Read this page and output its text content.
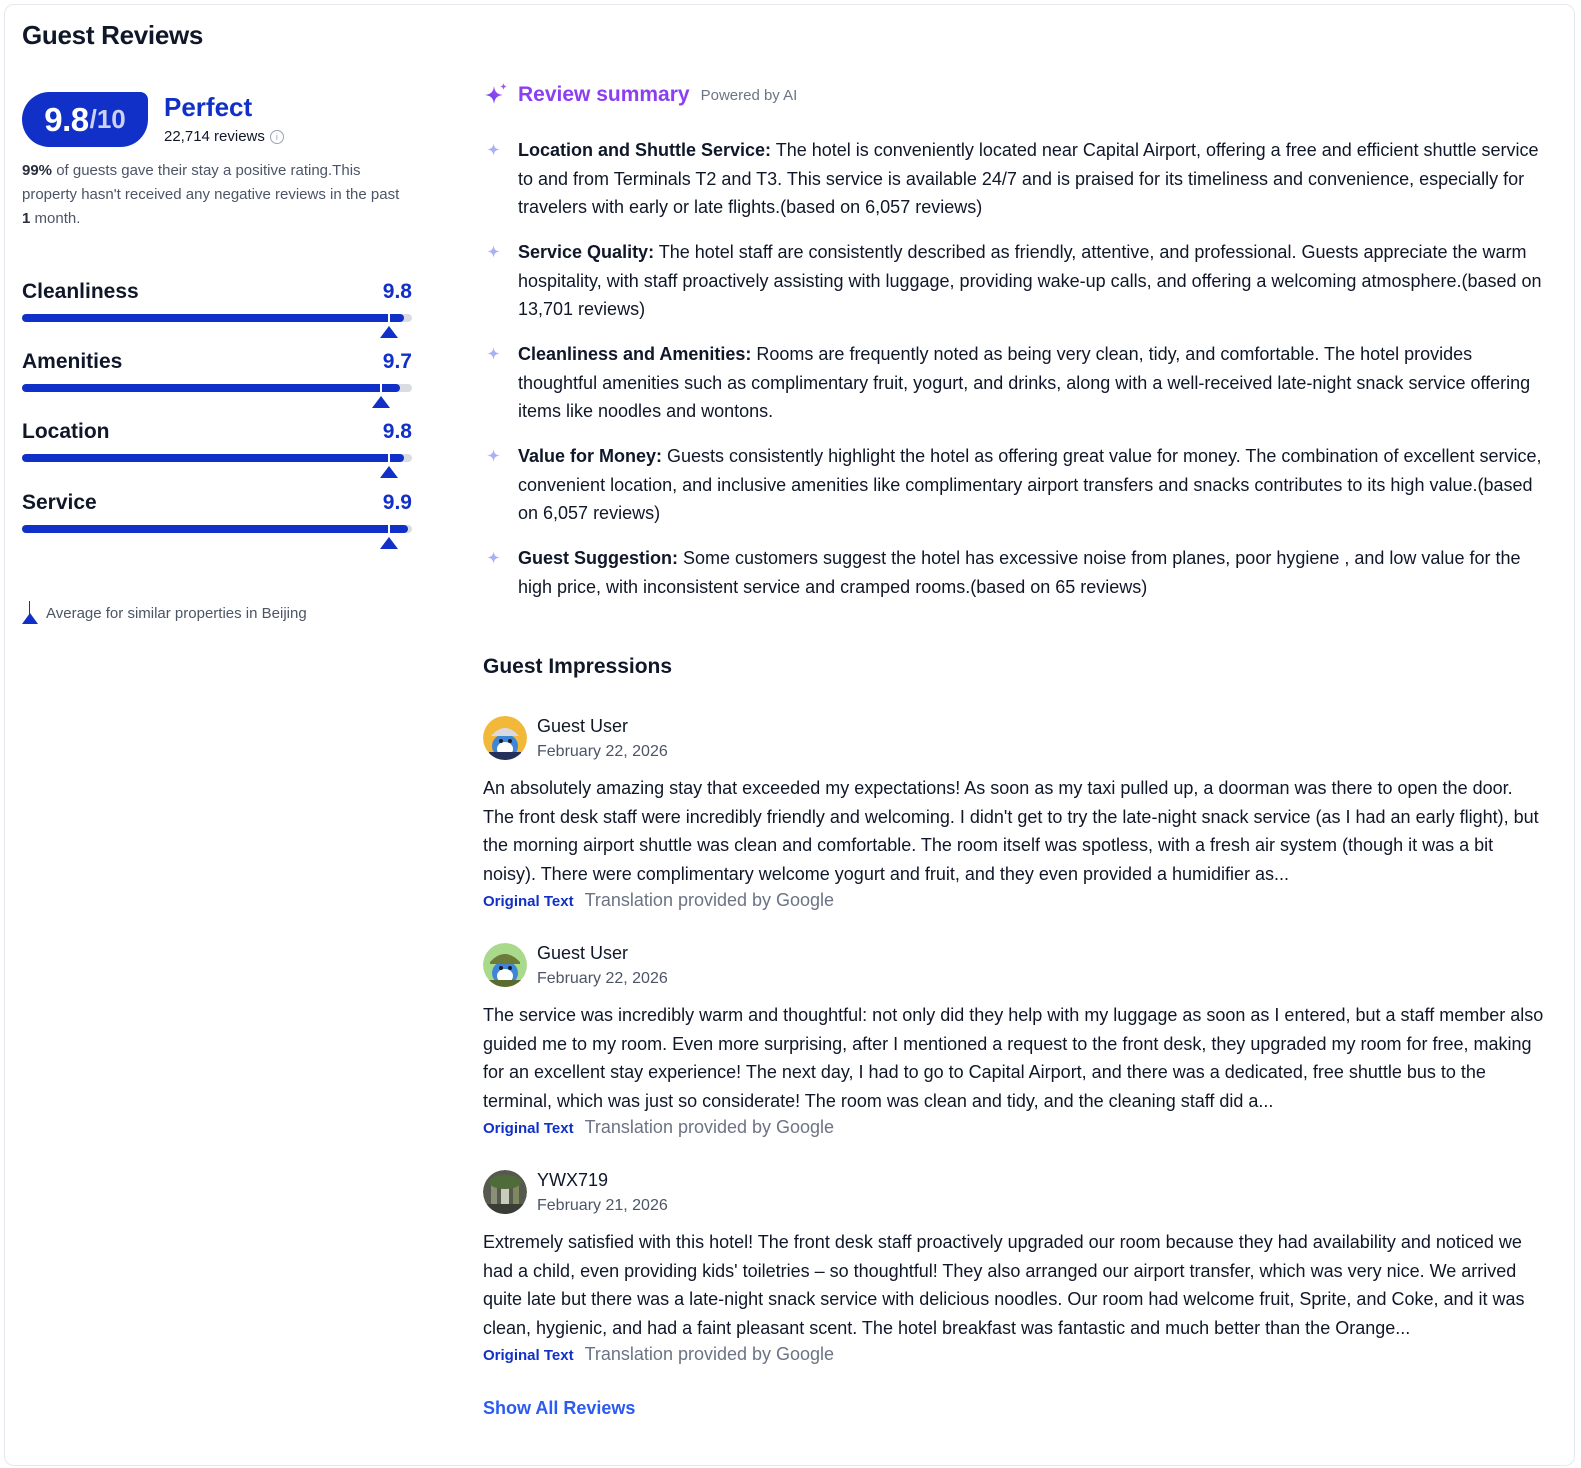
Guest Reviews
9.8 /10 Perfect
22,714 reviews	i
99% of guests gave their stay a positive rating.This property hasn't received any negative reviews in the past 1 month.
Cleanliness	9.8
Amenities	9.7
Location	9.8
Service	9.9
Average for similar properties in Beijing
Review summary Powered by AI
Location and Shuttle Service: The hotel is conveniently located near Capital Airport, offering a free and efficient shuttle service to and from Terminals T2 and T3. This service is available 24/7 and is praised for its timeliness and convenience, especially for travelers with early or late flights.(based on 6,057 reviews)
Service Quality: The hotel staff are consistently described as friendly, attentive, and professional. Guests appreciate the warm hospitality, with staff proactively assisting with luggage, providing wake-up calls, and offering a welcoming atmosphere.(based on 13,701 reviews)
Cleanliness and Amenities: Rooms are frequently noted as being very clean, tidy, and comfortable. The hotel provides thoughtful amenities such as complimentary fruit, yogurt, and drinks, along with a well-received late-night snack service offering items like noodles and wontons.
Value for Money: Guests consistently highlight the hotel as offering great value for money. The combination of excellent service, convenient location, and inclusive amenities like complimentary airport transfers and snacks contributes to its high value.(based on 6,057 reviews)
Guest Suggestion: Some customers suggest the hotel has excessive noise from planes, poor hygiene , and low value for the high price, with inconsistent service and cramped rooms.(based on 65 reviews)
Guest Impressions
Guest User
February 22, 2026
An absolutely amazing stay that exceeded my expectations! As soon as my taxi pulled up, a doorman was there to open the door. The front desk staff were incredibly friendly and welcoming. I didn't get to try the late-night snack service (as I had an early flight), but the morning airport shuttle was clean and comfortable. The room itself was spotless, with a fresh air system (though it was a bit noisy). There were complimentary welcome yogurt and fruit, and they even provided a humidifier as...
Original Text Translation provided by Google
Guest User
February 22, 2026
The service was incredibly warm and thoughtful: not only did they help with my luggage as soon as I entered, but a staff member also guided me to my room. Even more surprising, after I mentioned a request to the front desk, they upgraded my room for free, making for an excellent stay experience! The next day, I had to go to Capital Airport, and there was a dedicated, free shuttle bus to the terminal, which was just so considerate! The room was clean and tidy, and the cleaning staff did a...
Original Text Translation provided by Google
YWX719
February 21, 2026
Extremely satisfied with this hotel! The front desk staff proactively upgraded our room because they had availability and noticed we had a child, even providing kids' toiletries – so thoughtful! They also arranged our airport transfer, which was very nice. We arrived quite late but there was a late-night snack service with delicious noodles. Our room had welcome fruit, Sprite, and Coke, and it was clean, hygienic, and had a faint pleasant scent. The hotel breakfast was fantastic and much better than the Orange...
Original Text Translation provided by Google
Show All Reviews
